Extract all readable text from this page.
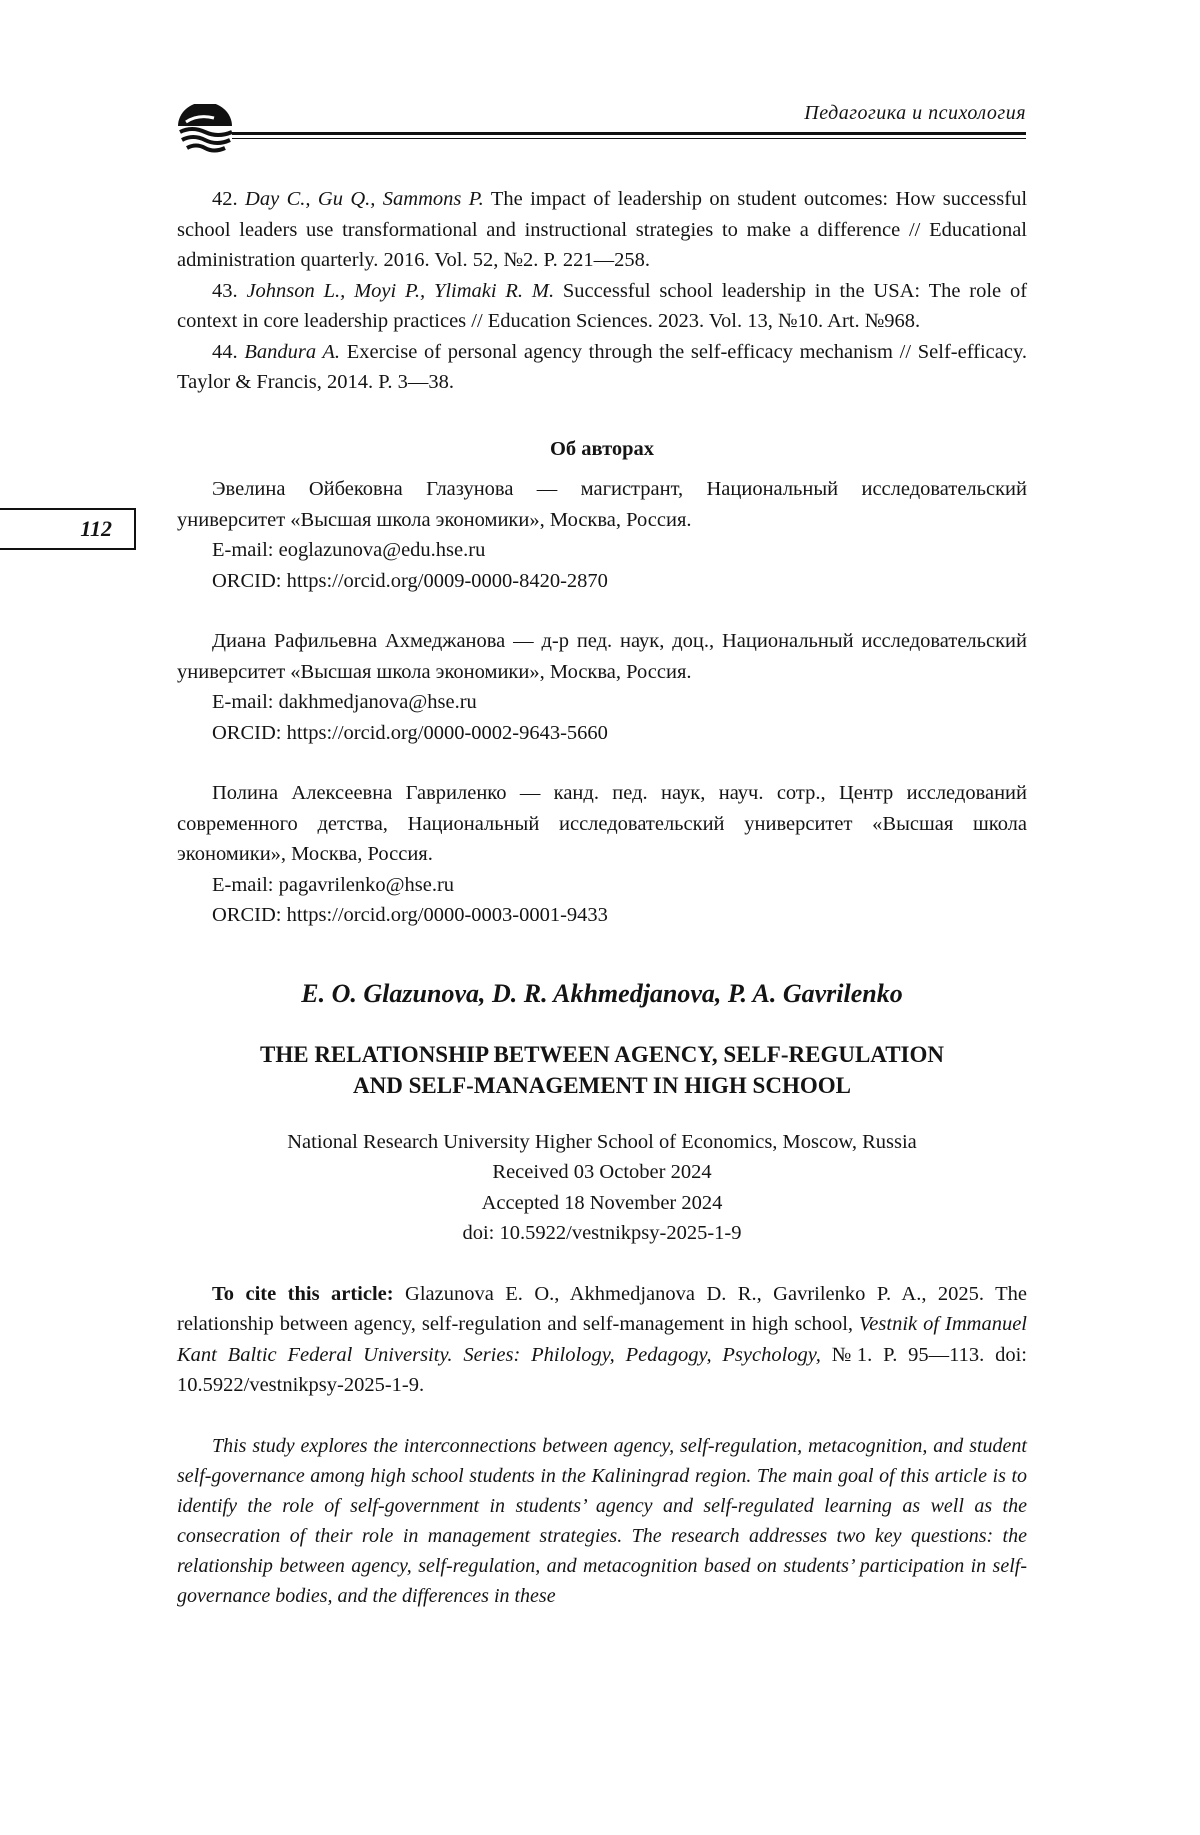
Педагогика и психология
112

42. Day C., Gu Q., Sammons P. The impact of leadership on student outcomes: How successful school leaders use transformational and instructional strategies to make a difference // Educational administration quarterly. 2016. Vol. 52, №2. P. 221—258.

43. Johnson L., Moyi P., Ylimaki R. M. Successful school leadership in the USA: The role of context in core leadership practices // Education Sciences. 2023. Vol. 13, №10. Art. №968.

44. Bandura A. Exercise of personal agency through the self-efficacy mechanism // Self-efficacy. Taylor & Francis, 2014. P. 3—38.

Об авторах

Эвелина Ойбековна Глазунова — магистрант, Национальный исследовательский университет «Высшая школа экономики», Москва, Россия.

E-mail: eoglazunova@edu.hse.ru

ORCID: https://orcid.org/0009-0000-8420-2870

Диана Рафильевна Ахмеджанова — д-р пед. наук, доц., Национальный исследовательский университет «Высшая школа экономики», Москва, Россия.

E-mail: dakhmedjanova@hse.ru

ORCID: https://orcid.org/0000-0002-9643-5660

Полина Алексеевна Гавриленко — канд. пед. наук, науч. сотр., Центр исследований современного детства, Национальный исследовательский университет «Высшая школа экономики», Москва, Россия.

E-mail: pagavrilenko@hse.ru

ORCID: https://orcid.org/0000-0003-0001-9433

E. O. Glazunova, D. R. Akhmedjanova, P. A. Gavrilenko
THE RELATIONSHIP BETWEEN AGENCY, SELF-REGULATION
AND SELF-MANAGEMENT IN HIGH SCHOOL
National Research University Higher School of Economics, Moscow, Russia
Received 03 October 2024
Accepted 18 November 2024
doi: 10.5922/vestnikpsy-2025-1-9

To cite this article: Glazunova E. O., Akhmedjanova D. R., Gavrilenko P. A., 2025. The relationship between agency, self-regulation and self-management in high school, Vestnik of Immanuel Kant Baltic Federal University. Series: Philology, Pedagogy, Psychology, №1. P. 95—113. doi: 10.5922/vestnikpsy-2025-1-9.

This study explores the interconnections between agency, self-regulation, metacognition, and student self-governance among high school students in the Kaliningrad region. The main goal of this article is to identify the role of self-government in students’ agency and self-regulated learning as well as the consecration of their role in management strategies. The research addresses two key questions: the relationship between agency, self-regulation, and metacognition based on students’ participation in self-governance bodies, and the differences in these
